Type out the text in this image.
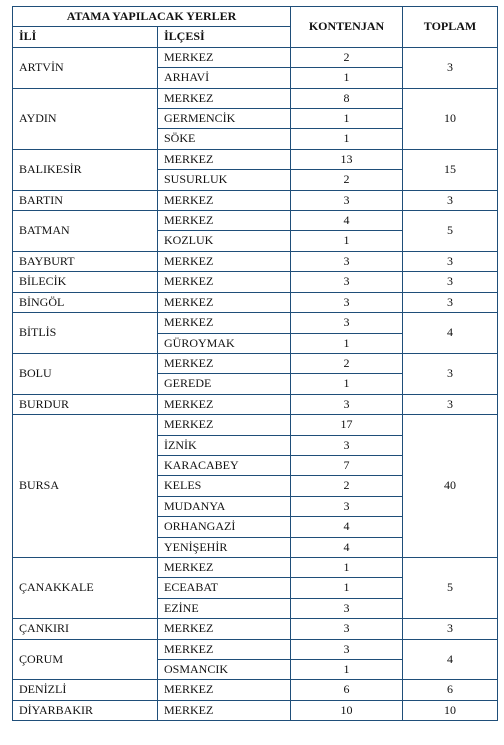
ATAMA YAPILACAK YERLER		KONTENJAN	TOPLAM
İLİ	İLÇESİ		
ARTVİN	MERKEZ	2	3
	ARHAVİ	1	
AYDIN	MERKEZ	8	10
	GERMENCİK	1	
	SÖKE	1	
BALIKESİR	MERKEZ	13	15
	SUSURLUK	2	
BARTIN	MERKEZ	3	3
BATMAN	MERKEZ	4	5
	KOZLUK	1	
BAYBURT	MERKEZ	3	3
BİLECİK	MERKEZ	3	3
BİNGÖL	MERKEZ	3	3
BİTLİS	MERKEZ	3	4
	GÜROYMAK	1	
BOLU	MERKEZ	2	3
	GEREDE	1	
BURDUR	MERKEZ	3	3
BURSA	MERKEZ	17	40
	İZNİK	3	
	KARACABEY	7	
	KELES	2	
	MUDANYA	3	
	ORHANGAZİ	4	
	YENİŞEHİR	4	
ÇANAKKALE	MERKEZ	1	5
	ECEABAT	1	
	EZİNE	3	
ÇANKIRI	MERKEZ	3	3
ÇORUM	MERKEZ	3	4
	OSMANCIK	1	
DENİZLİ	MERKEZ	6	6
DİYARBAKIR	MERKEZ	10	10
